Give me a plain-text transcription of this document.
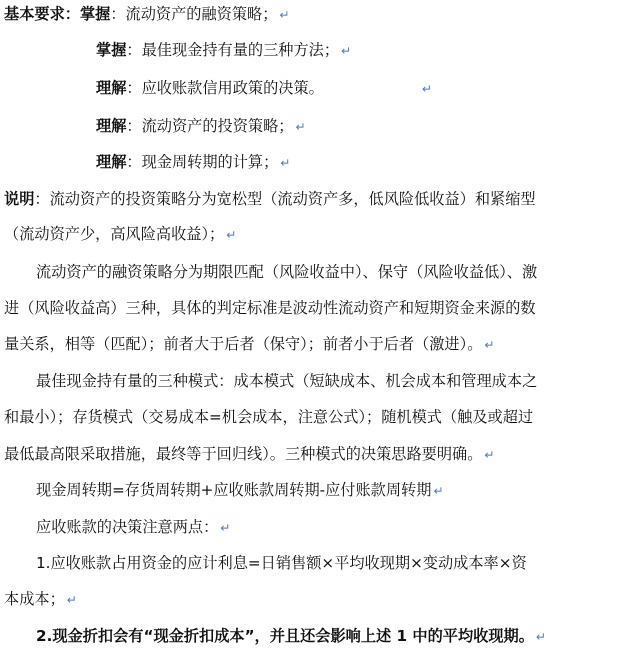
基本要求：掌握：流动资产的融资策略； ↵
掌握：最佳现金持有量的三种方法； ↵
理解：应收账款信用政策的决策。	↵
理解：流动资产的投资策略； ↵
理解：现金周转期的计算； ↵
说明：流动资产的投资策略分为宽松型（流动资产多，低风险低收益）和紧缩型
（流动资产少，高风险高收益）； ↵
流动资产的融资策略分为期限匹配（风险收益中）、保守（风险收益低）、激
进（风险收益高）三种，具体的判定标准是波动性流动资产和短期资金来源的数
量关系，相等（匹配）；前者大于后者（保守）；前者小于后者（激进）。 ↵
最佳现金持有量的三种模式：成本模式（短缺成本、机会成本和管理成本之
和最小）；存货模式（交易成本=机会成本，注意公式）；随机模式（触及或超过
最低最高限采取措施，最终等于回归线）。三种模式的决策思路要明确。 ↵
现金周转期=存货周转期+应收账款周转期-应付账款周转期 ↵
应收账款的决策注意两点： ↵
1.应收账款占用资金的应计利息=日销售额×平均收现期×变动成本率×资
本成本； ↵
2.现金折扣会有“现金折扣成本”，并且还会影响上述 1 中的平均收现期。 ↵
